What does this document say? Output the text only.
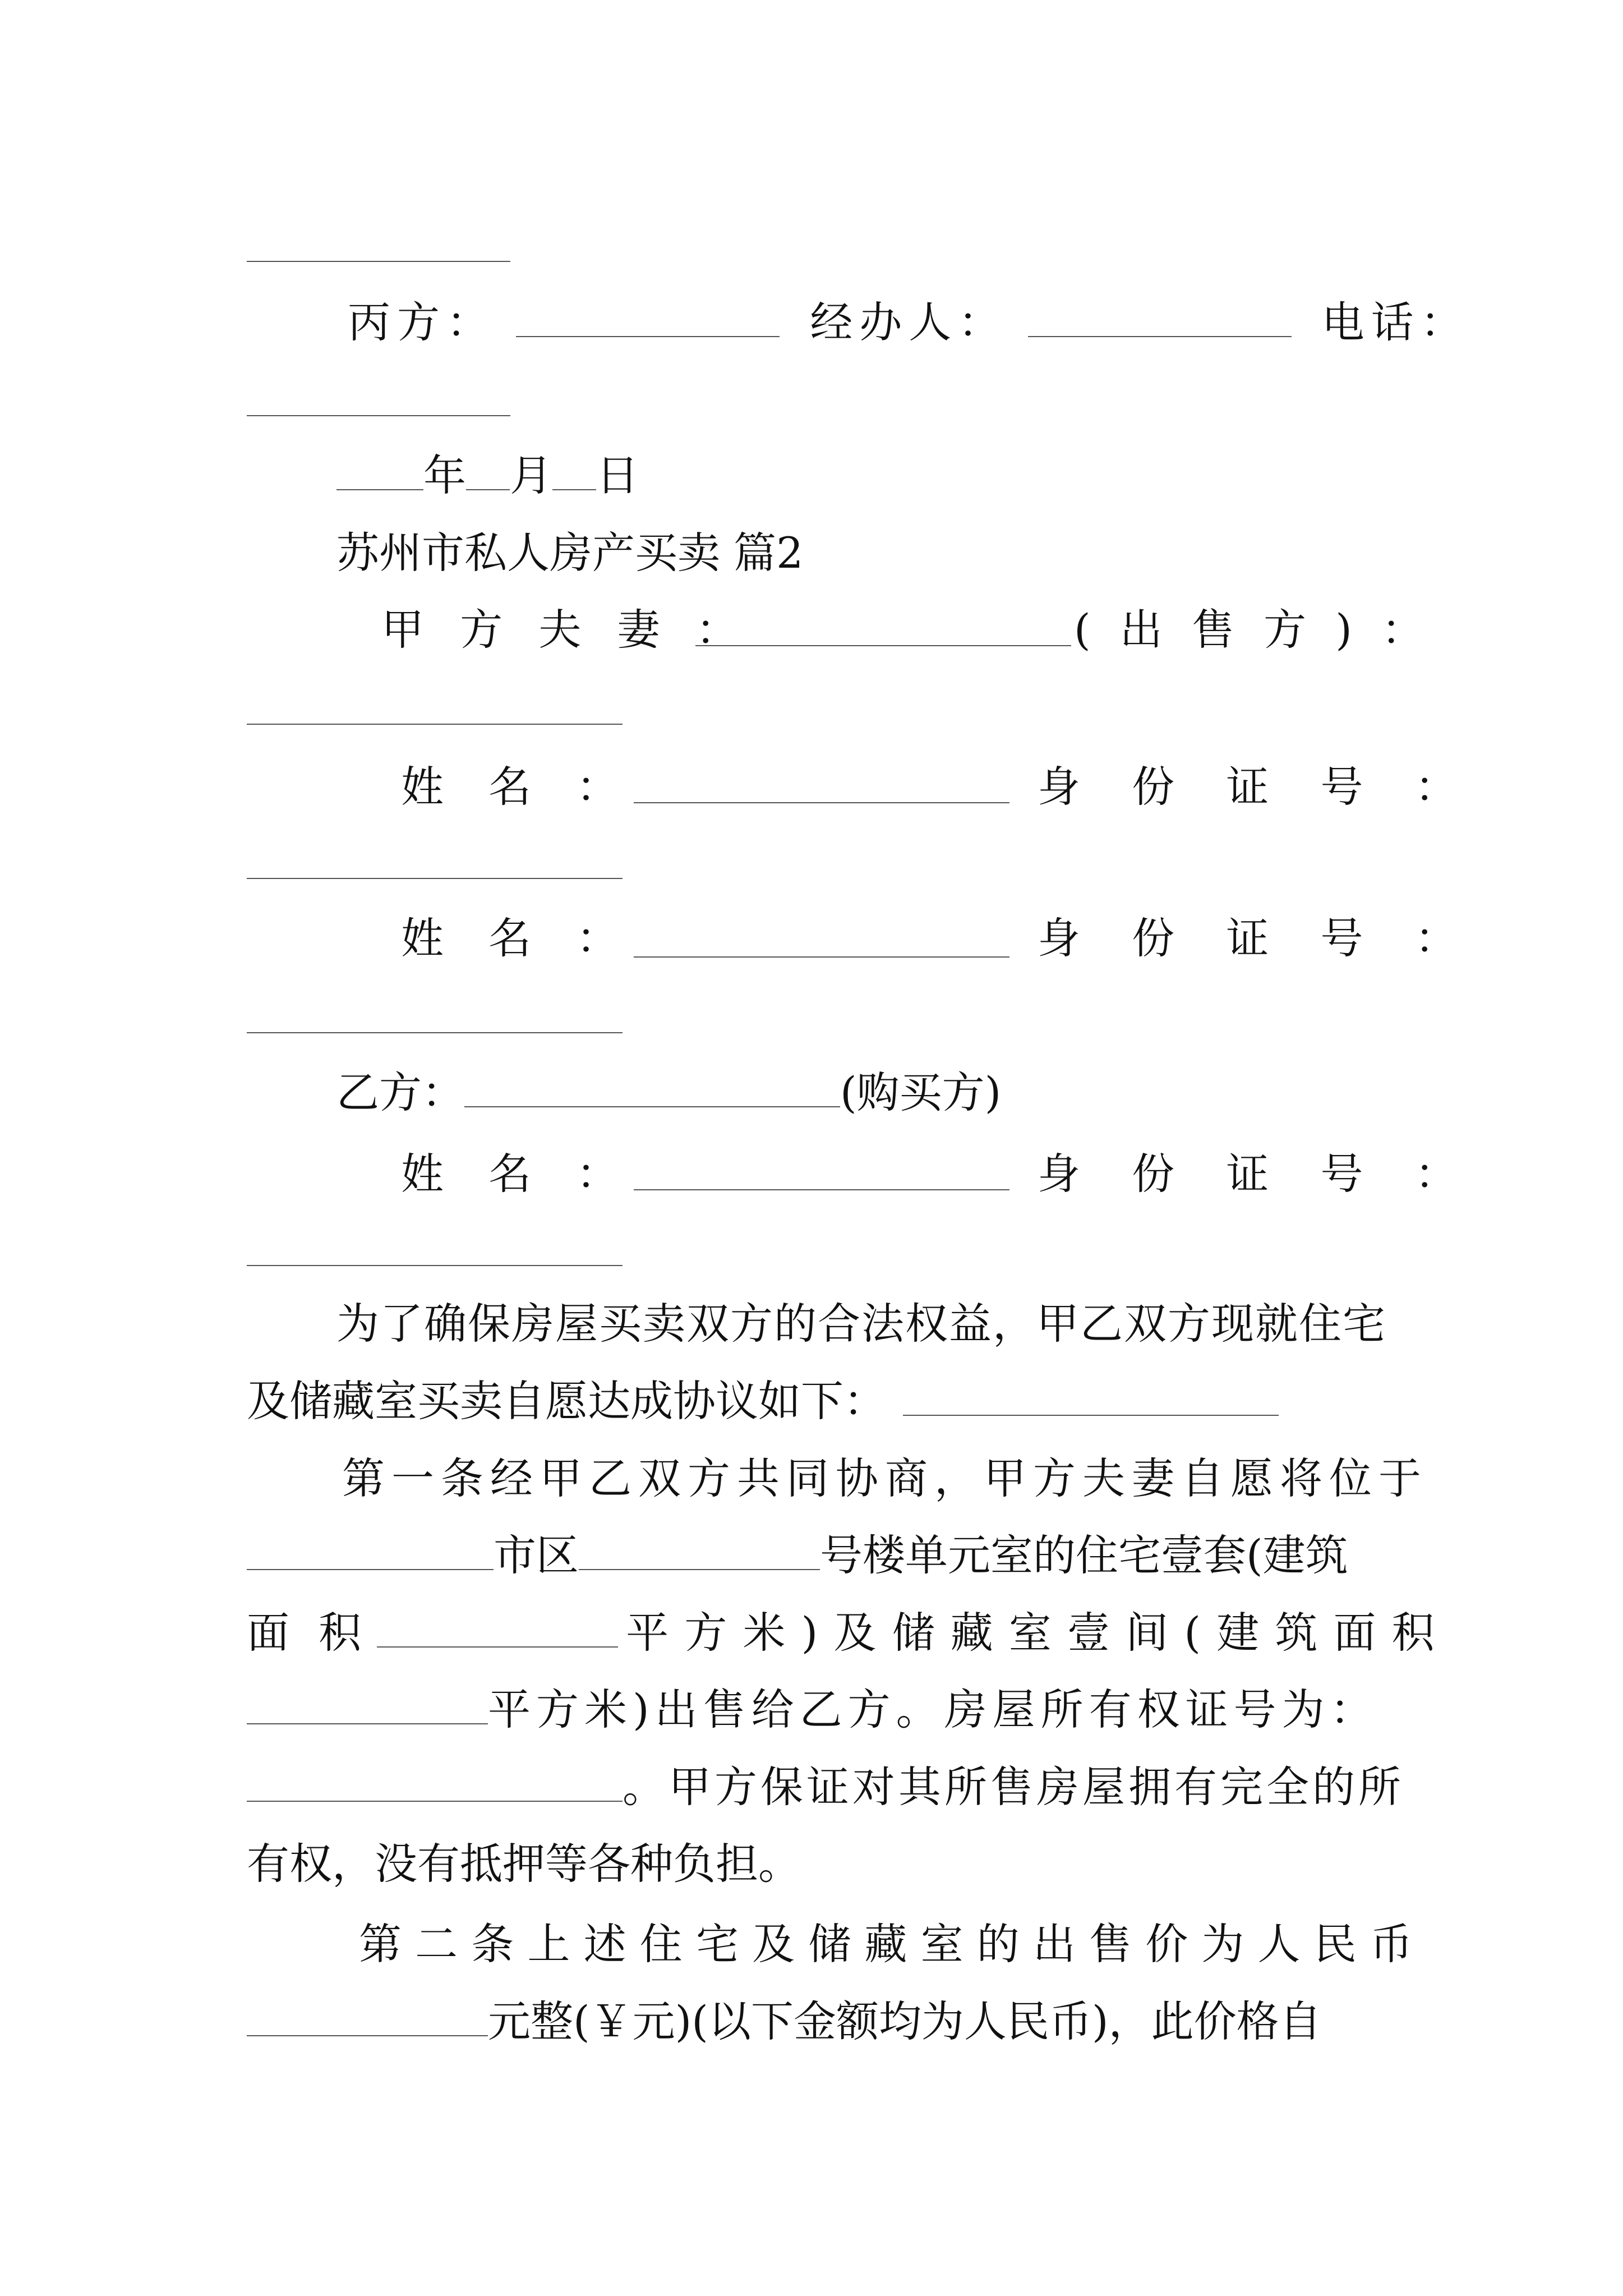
丙方：	经办人：	电话：
年 月 日
苏州市私人房产买卖 篇2
甲 方 夫 妻 ：	( 出 售 方 ) ：
姓 名 ：	身 份 证 号 ：
姓 名 ：	身 份 证 号 ：
乙方：	(购买方)
姓 名 ：	身 份 证 号 ：
为了确保房屋买卖双方的合法权益，甲乙双方现就住宅
及储藏室买卖自愿达成协议如下：
第一条经甲乙双方共同协商，甲方夫妻自愿将位于
市区	号楼单元室的住宅壹套(建筑
面 积	平 方 米 ) 及 储 藏 室 壹 间 ( 建 筑 面 积
平方米)出售给乙方。房屋所有权证号为：
。甲方保证对其所售房屋拥有完全的所
有权，没有抵押等各种负担。
第 二 条 上 述 住 宅 及 储 藏 室 的 出 售 价 为 人 民 币
元整(￥元)(以下金额均为人民币)，此价格自
